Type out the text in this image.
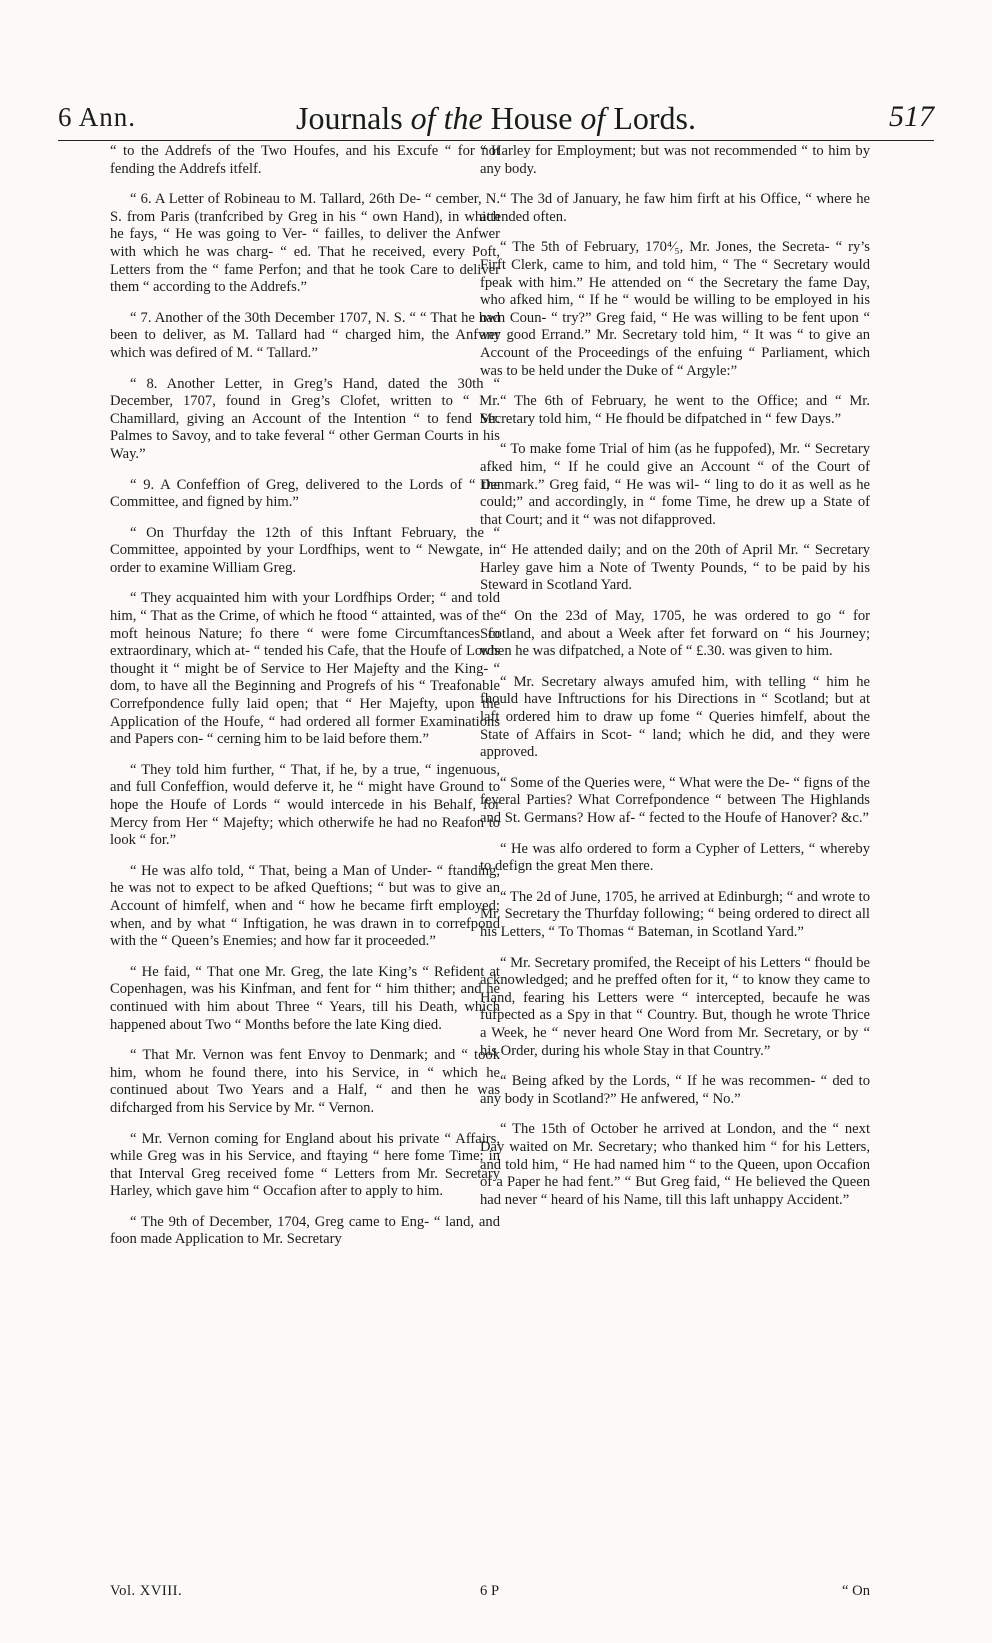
6 Ann.	Journals of the House of Lords.	517

“ to the Addrefs of the Two Houfes, and his Excufe “ for not fending the Addrefs itfelf.

“ 6. A Letter of Robineau to M. Tallard, 26th De- “ cember, N. S. from Paris (tranfcribed by Greg in his “ own Hand), in which he fays, “ He was going to Ver- “ failles, to deliver the Anfwer with which he was charg- “ ed. That he received, every Poft, Letters from the “ fame Perfon; and that he took Care to deliver them “ according to the Addrefs.”

“ 7. Another of the 30th December 1707, N. S. “ “ That he had been to deliver, as M. Tallard had “ charged him, the Anfwer which was defired of M. “ Tallard.”

“ 8. Another Letter, in Greg’s Hand, dated the 30th “ December, 1707, found in Greg’s Clofet, written to “ Mr. Chamillard, giving an Account of the Intention “ to fend Mr. Palmes to Savoy, and to take feveral “ other German Courts in his Way.”

“ 9. A Confeffion of Greg, delivered to the Lords of “ the Committee, and figned by him.”

“ On Thurfday the 12th of this Inftant February, the “ Committee, appointed by your Lordfhips, went to “ Newgate, in order to examine William Greg.

“ They acquainted him with your Lordfhips Order; “ and told him, “ That as the Crime, of which he ftood “ attainted, was of the moft heinous Nature; fo there “ were fome Circumftances fo extraordinary, which at- “ tended his Cafe, that the Houfe of Lords thought it “ might be of Service to Her Majefty and the King- “ dom, to have all the Beginning and Progrefs of his “ Treafonable Correfpondence fully laid open; that “ Her Majefty, upon the Application of the Houfe, “ had ordered all former Examinations and Papers con- “ cerning him to be laid before them.”

“ They told him further, “ That, if he, by a true, “ ingenuous, and full Confeffion, would deferve it, he “ might have Ground to hope the Houfe of Lords “ would intercede in his Behalf, for Mercy from Her “ Majefty; which otherwife he had no Reafon to look “ for.”

“ He was alfo told, “ That, being a Man of Under- “ ftanding, he was not to expect to be afked Queftions; “ but was to give an Account of himfelf, when and “ how he became firft employed; when, and by what “ Inftigation, he was drawn in to correfpond with the “ Queen’s Enemies; and how far it proceeded.”

“ He faid, “ That one Mr. Greg, the late King’s “ Refident at Copenhagen, was his Kinfman, and fent for “ him thither; and he continued with him about Three “ Years, till his Death, which happened about Two “ Months before the late King died.

“ That Mr. Vernon was fent Envoy to Denmark; and “ took him, whom he found there, into his Service, in “ which he continued about Two Years and a Half, “ and then he was difcharged from his Service by Mr. “ Vernon.

“ Mr. Vernon coming for England about his private “ Affairs, while Greg was in his Service, and ftaying “ here fome Time; in that Interval Greg received fome “ Letters from Mr. Secretary Harley, which gave him “ Occafion after to apply to him.

“ The 9th of December, 1704, Greg came to Eng- “ land, and foon made Application to Mr. Secretary

“ Harley for Employment; but was not recommended “ to him by any body.

“ The 3d of January, he faw him firft at his Office, “ where he attended often.

“ The 5th of February, 170⁴⁄₅, Mr. Jones, the Secreta- “ ry’s Firft Clerk, came to him, and told him, “ The “ Secretary would fpeak with him.” He attended on “ the Secretary the fame Day, who afked him, “ If he “ would be willing to be employed in his own Coun- “ try?” Greg faid, “ He was willing to be fent upon “ any good Errand.” Mr. Secretary told him, “ It was “ to give an Account of the Proceedings of the enfuing “ Parliament, which was to be held under the Duke of “ Argyle:”

“ The 6th of February, he went to the Office; and “ Mr. Secretary told him, “ He fhould be difpatched in “ few Days.”

“ To make fome Trial of him (as he fuppofed), Mr. “ Secretary afked him, “ If he could give an Account “ of the Court of Denmark.” Greg faid, “ He was wil- “ ling to do it as well as he could;” and accordingly, in “ fome Time, he drew up a State of that Court; and it “ was not difapproved.

“ He attended daily; and on the 20th of April Mr. “ Secretary Harley gave him a Note of Twenty Pounds, “ to be paid by his Steward in Scotland Yard.

“ On the 23d of May, 1705, he was ordered to go “ for Scotland, and about a Week after fet forward on “ his Journey; when he was difpatched, a Note of “ £.30. was given to him.

“ Mr. Secretary always amufed him, with telling “ him he fhould have Inftructions for his Directions in “ Scotland; but at laft ordered him to draw up fome “ Queries himfelf, about the State of Affairs in Scot- “ land; which he did, and they were approved.

“ Some of the Queries were, “ What were the De- “ figns of the feveral Parties? What Correfpondence “ between The Highlands and St. Germans? How af- “ fected to the Houfe of Hanover? &c.”

“ He was alfo ordered to form a Cypher of Letters, “ whereby to defign the great Men there.

“ The 2d of June, 1705, he arrived at Edinburgh; “ and wrote to Mr. Secretary the Thurfday following; “ being ordered to direct all his Letters, “ To Thomas “ Bateman, in Scotland Yard.”

“ Mr. Secretary promifed, the Receipt of his Letters “ fhould be acknowledged; and he preffed often for it, “ to know they came to Hand, fearing his Letters were “ intercepted, becaufe he was fufpected as a Spy in that “ Country. But, though he wrote Thrice a Week, he “ never heard One Word from Mr. Secretary, or by “ his Order, during his whole Stay in that Country.”

“ Being afked by the Lords, “ If he was recommen- “ ded to any body in Scotland?” He anfwered, “ No.”

“ The 15th of October he arrived at London, and the “ next Day waited on Mr. Secretary; who thanked him “ for his Letters, and told him, “ He had named him “ to the Queen, upon Occafion of a Paper he had fent.” “ But Greg faid, “ He believed the Queen had never “ heard of his Name, till this laft unhappy Accident.”

Vol. XVIII.	6 P	“ On
